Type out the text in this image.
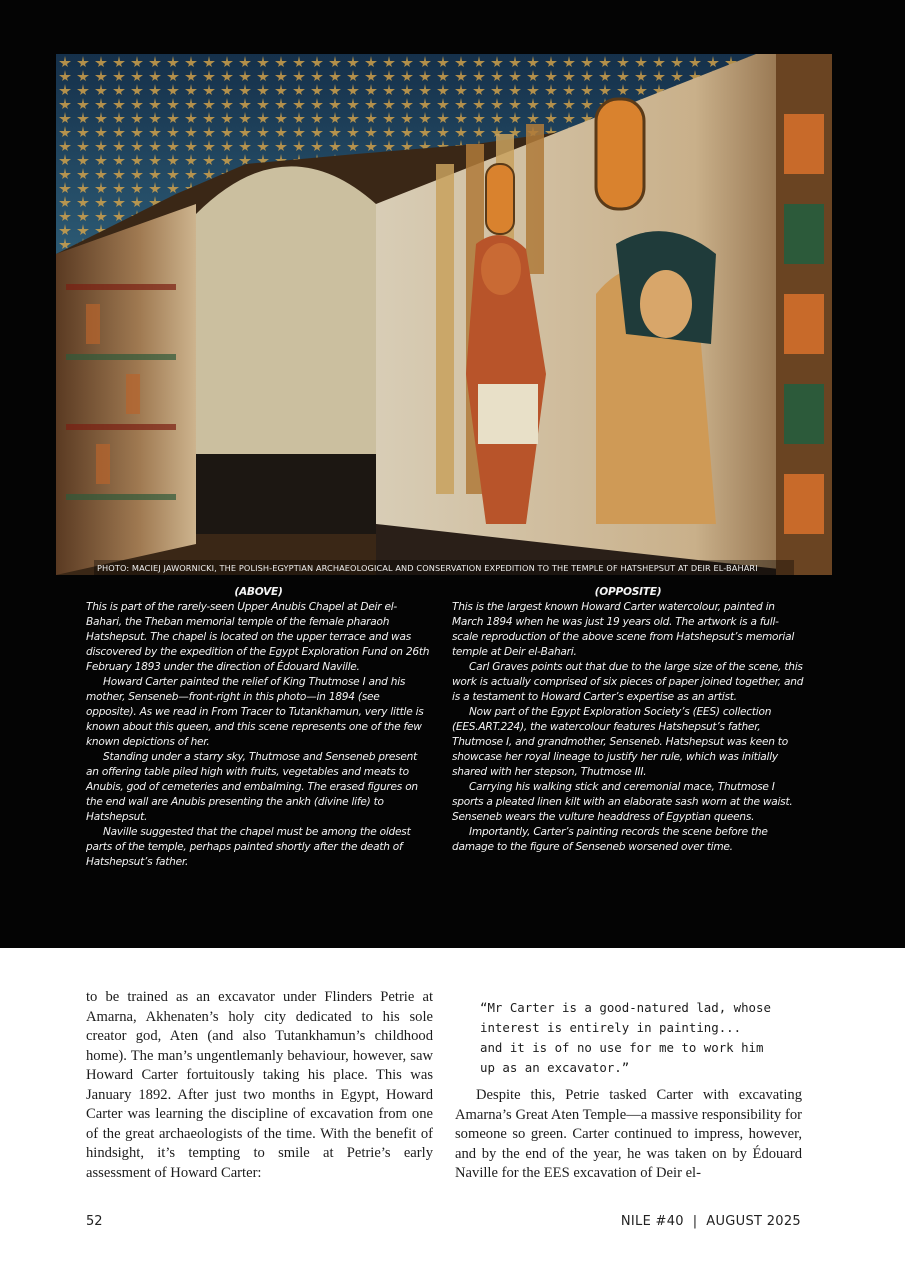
PHOTO: MACIEJ JAWORNICKI, THE POLISH-EGYPTIAN ARCHAEOLOGICAL AND CONSERVATION EXPEDITION TO THE TEMPLE OF HATSHEPSUT AT DEIR EL-BAHARI
(ABOVE)

This is part of the rarely-seen Upper Anubis Chapel at Deir el-Bahari, the Theban memorial temple of the female pharaoh Hatshepsut. The chapel is located on the upper terrace and was discovered by the expedition of the Egypt Exploration Fund on 26th February 1893 under the direction of Édouard Naville.

Howard Carter painted the relief of King Thutmose I and his mother, Senseneb—front-right in this photo—in 1894 (see opposite). As we read in From Tracer to Tutankhamun, very little is known about this queen, and this scene represents one of the few known depictions of her.

Standing under a starry sky, Thutmose and Senseneb present an offering table piled high with fruits, vegetables and meats to Anubis, god of cemeteries and embalming. The erased figures on the end wall are Anubis presenting the ankh (divine life) to Hatshepsut.

Naville suggested that the chapel must be among the oldest parts of the temple, perhaps painted shortly after the death of Hatshepsut’s father.

(OPPOSITE)

This is the largest known Howard Carter watercolour, painted in March 1894 when he was just 19 years old. The artwork is a full-scale reproduction of the above scene from Hatshepsut’s memorial temple at Deir el-Bahari.

Carl Graves points out that due to the large size of the scene, this work is actually comprised of six pieces of paper joined together, and is a testament to Howard Carter’s expertise as an artist.

Now part of the Egypt Exploration Society’s (EES) collection (EES.ART.224), the watercolour features Hatshepsut’s father, Thutmose I, and grandmother, Senseneb. Hatshepsut was keen to showcase her royal lineage to justify her rule, which was initially shared with her stepson, Thutmose III.

Carrying his walking stick and ceremonial mace, Thutmose I sports a pleated linen kilt with an elaborate sash worn at the waist. Senseneb wears the vulture headdress of Egyptian queens.

Importantly, Carter’s painting records the scene before the damage to the figure of Senseneb worsened over time.

to be trained as an excavator under Flinders Petrie at Amarna, Akhenaten’s holy city dedicated to his sole creator god, Aten (and also Tutankhamun’s childhood home). The man’s ungentlemanly behaviour, however, saw Howard Carter fortuitously taking his place. This was January 1892. After just two months in Egypt, Howard Carter was learning the discipline of excavation from one of the great archaeologists of the time. With the benefit of hindsight, it’s tempting to smile at Petrie’s early assessment of Howard Carter:
“Mr Carter is a good-natured lad, whose
interest is entirely in painting...
and it is of no use for me to work him
up as an excavator.”
Despite this, Petrie tasked Carter with excavating Amarna’s Great Aten Temple—a massive responsibility for someone so green. Carter continued to impress, however, and by the end of the year, he was taken on by Édouard Naville for the EES excavation of Deir el-
52	NILE #40  |  AUGUST 2025
